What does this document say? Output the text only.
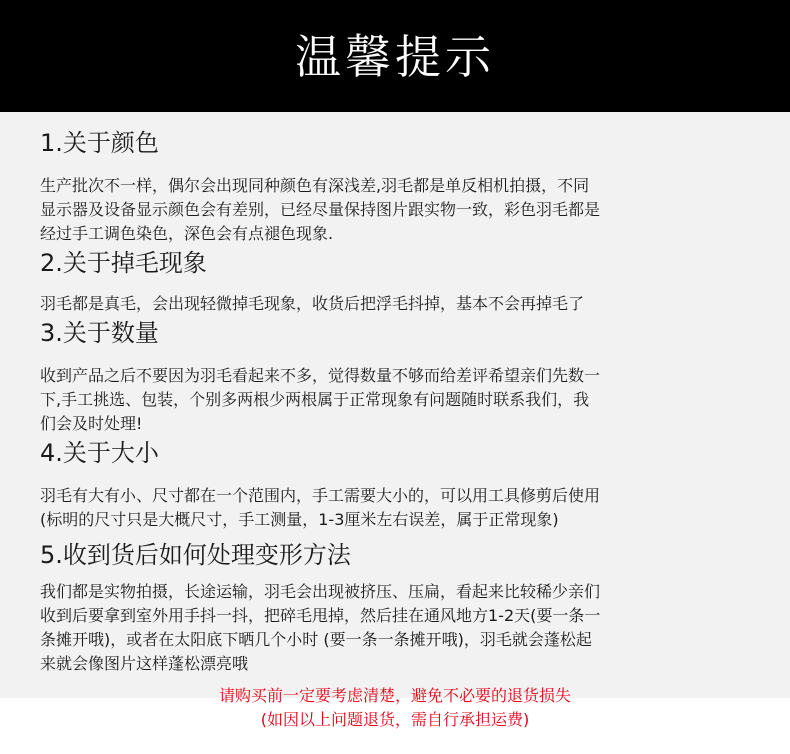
温馨提示
1.关于颜色
生产批次不一样，偶尔会出现同种颜色有深浅差,羽毛都是单反相机拍摄，不同
显示器及设备显示颜色会有差别，已经尽量保持图片跟实物一致，彩色羽毛都是
经过手工调色染色，深色会有点褪色现象.
2.关于掉毛现象
羽毛都是真毛，会出现轻微掉毛现象，收货后把浮毛抖掉，基本不会再掉毛了
3.关于数量
收到产品之后不要因为羽毛看起来不多，觉得数量不够而给差评希望亲们先数一
下,手工挑选、包装，个别多两根少两根属于正常现象有问题随时联系我们，我
们会及时处理!
4.关于大小
羽毛有大有小、尺寸都在一个范围内，手工需要大小的，可以用工具修剪后使用
(标明的尺寸只是大概尺寸，手工测量，1-3厘米左右误差，属于正常现象)
5.收到货后如何处理变形方法
我们都是实物拍摄，长途运输，羽毛会出现被挤压、压扁，看起来比较稀少亲们
收到后要拿到室外用手抖一抖，把碎毛甩掉，然后挂在通风地方1-2天(要一条一
条摊开哦)，或者在太阳底下晒几个小时 (要一条一条摊开哦)，羽毛就会蓬松起
来就会像图片这样蓬松漂亮哦
请购买前一定要考虑清楚，避免不必要的退货损失
(如因以上问题退货，需自行承担运费)
